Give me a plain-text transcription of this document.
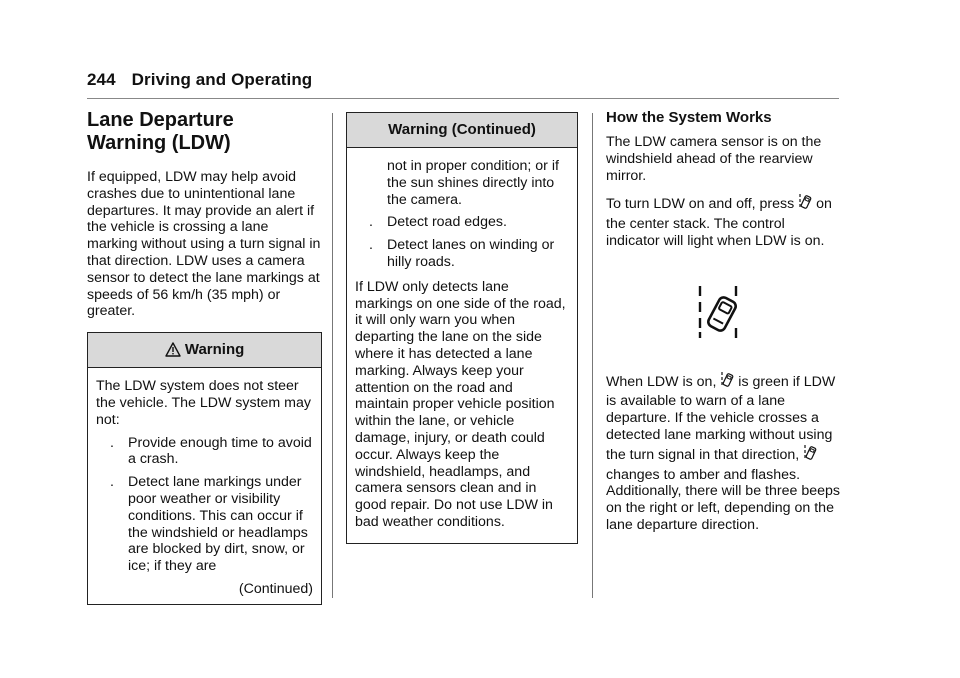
244 Driving and Operating
Lane Departure
Warning (LDW)

If equipped, LDW may help avoid crashes due to unintentional lane departures. It may provide an alert if the vehicle is crossing a lane marking without using a turn signal in that direction. LDW uses a camera sensor to detect the lane markings at speeds of 56 km/h (35 mph) or greater.

Warning

The LDW system does not steer the vehicle. The LDW system may not:

. Provide enough time to avoid a crash.
. Detect lane markings under poor weather or visibility conditions. This can occur if the windshield or headlamps are blocked by dirt, snow, or ice; if they are
(Continued)
Warning (Continued)
not in proper condition; or if the sun shines directly into the camera.
. Detect road edges.
. Detect lanes on winding or hilly roads.

If LDW only detects lane markings on one side of the road, it will only warn you when departing the lane on the side where it has detected a lane marking. Always keep your attention on the road and maintain proper vehicle position within the lane, or vehicle damage, injury, or death could occur. Always keep the windshield, headlamps, and camera sensors clean and in good repair. Do not use LDW in bad weather conditions.

How the System Works

The LDW camera sensor is on the windshield ahead of the rearview mirror.

To turn LDW on and off, press on the center stack. The control indicator will light when LDW is on.

When LDW is on, is green if LDW is available to warn of a lane departure. If the vehicle crosses a detected lane marking without using the turn signal in that direction,  changes to amber and flashes. Additionally, there will be three beeps on the right or left, depending on the lane departure direction.
